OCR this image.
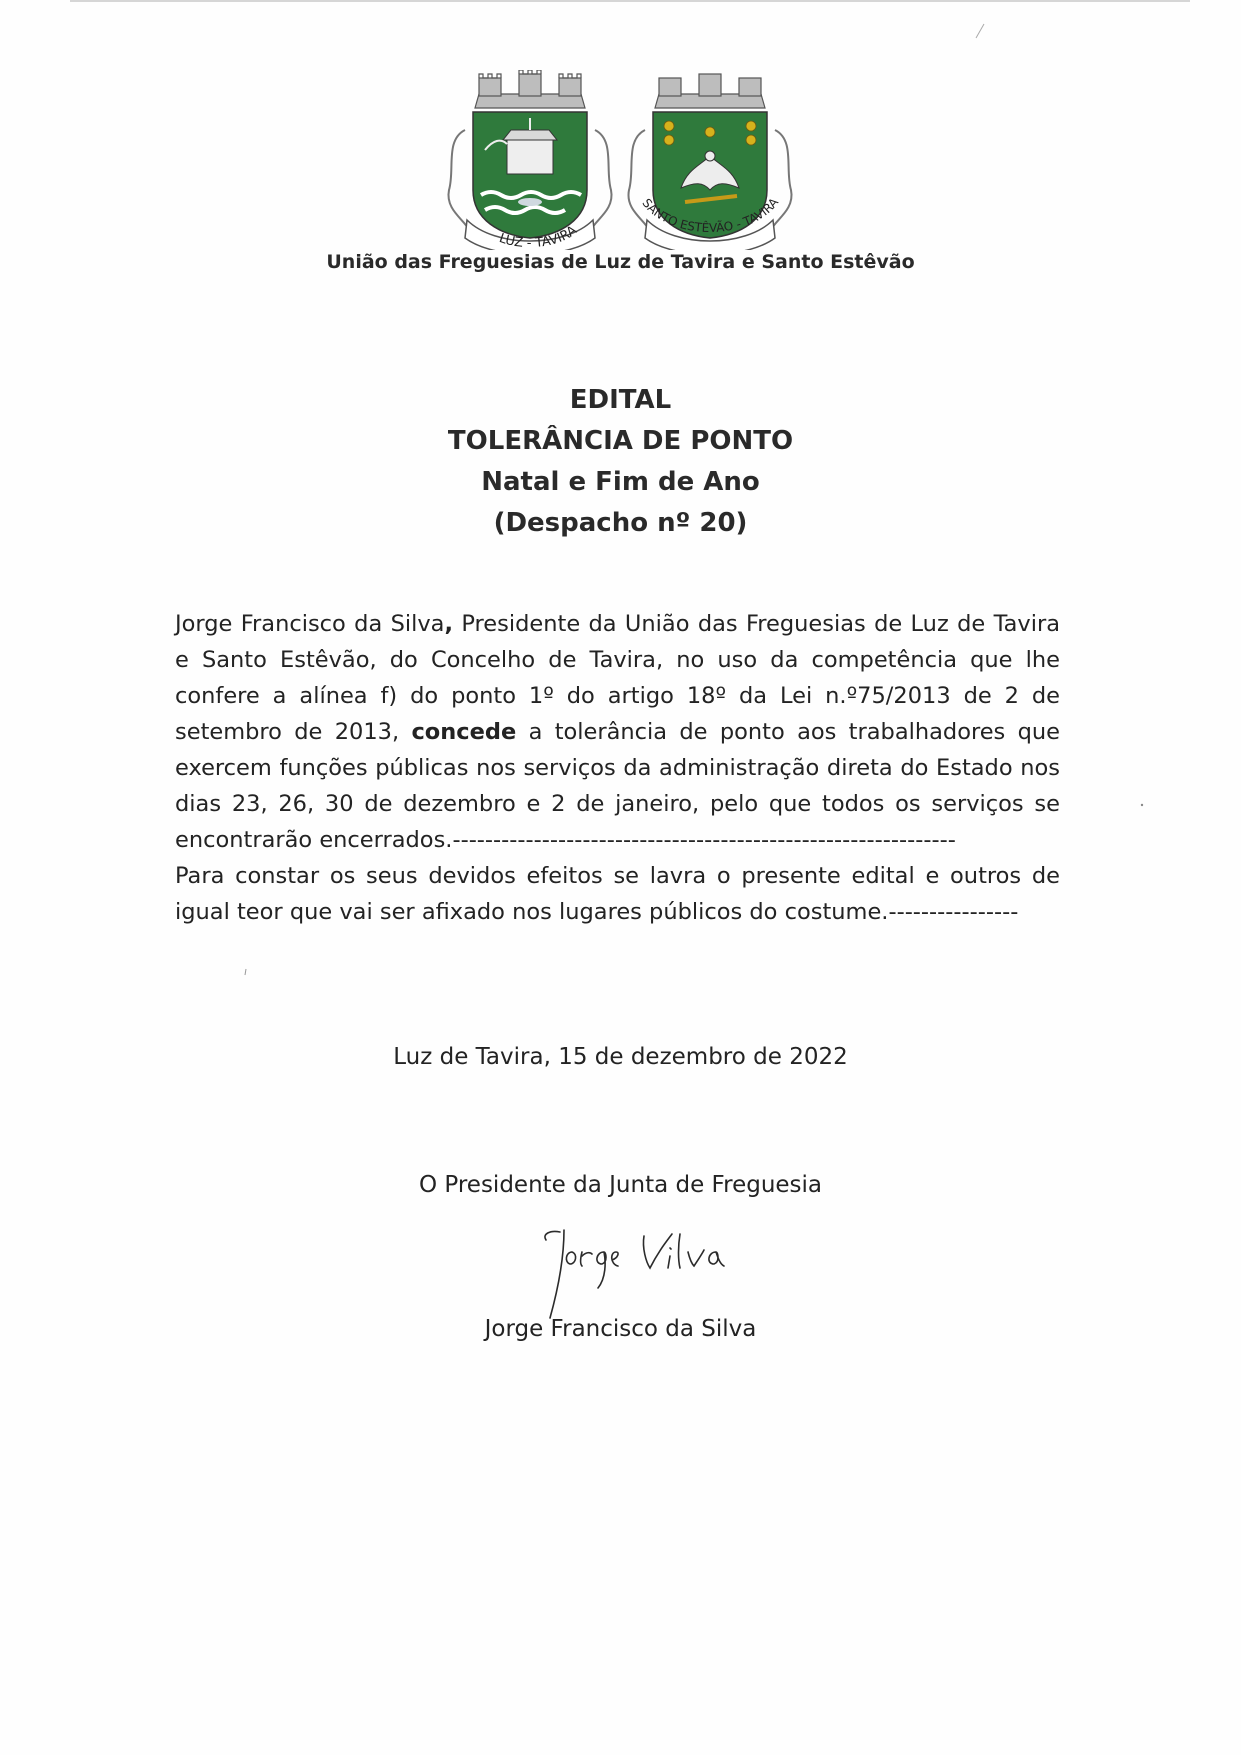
LUZ - TAVIRA
SANTO ESTÊVÃO - TAVIRA
União das Freguesias de Luz de Tavira e Santo Estêvão
EDITAL
TOLERÂNCIA DE PONTO
Natal e Fim de Ano
(Despacho nº 20)

Jorge Francisco da Silva, Presidente da União das Freguesias de Luz de Tavira e Santo Estêvão, do Concelho de Tavira, no uso da competência que lhe confere a alínea f) do ponto 1º do artigo 18º da Lei n.º75/2013 de 2 de setembro de 2013, concede a tolerância de ponto aos trabalhadores que exercem funções públicas nos serviços da administração direta do Estado nos dias 23, 26, 30 de dezembro e 2 de janeiro, pelo que todos os serviços se encontrarão encerrados.--------------------------------------------------------------

Para constar os seus devidos efeitos se lavra o presente edital e outros de igual teor que vai ser afixado nos lugares públicos do costume.----------------

Luz de Tavira, 15 de dezembro de 2022
O Presidente da Junta de Freguesia
Jorge Francisco da Silva
